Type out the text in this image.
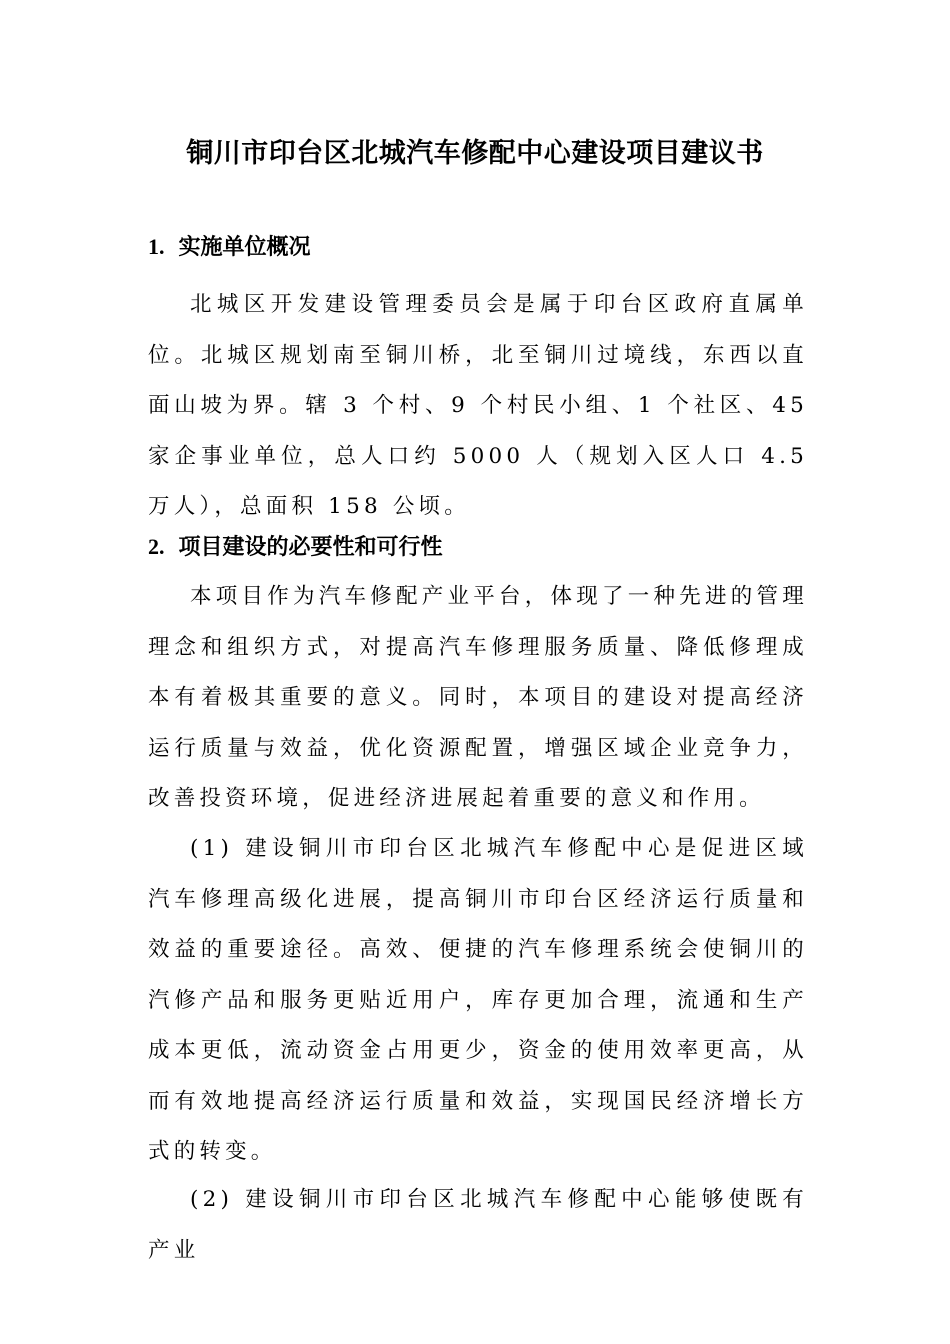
铜川市印台区北城汽车修配中心建设项目建议书

1. 实施单位概况

北城区开发建设管理委员会是属于印台区政府直属单位。北城区规划南至铜川桥，北至铜川过境线，东西以直面山坡为界。辖 3 个村、9 个村民小组、1 个社区、45 家企事业单位，总人口约 5000 人（规划入区人口 4.5 万人），总面积 158 公顷。

2. 项目建设的必要性和可行性

本项目作为汽车修配产业平台，体现了一种先进的管理理念和组织方式，对提高汽车修理服务质量、降低修理成本有着极其重要的意义。同时，本项目的建设对提高经济运行质量与效益，优化资源配置，增强区域企业竞争力，改善投资环境，促进经济进展起着重要的意义和作用。

(1) 建设铜川市印台区北城汽车修配中心是促进区域汽车修理高级化进展，提高铜川市印台区经济运行质量和效益的重要途径。高效、便捷的汽车修理系统会使铜川的汽修产品和服务更贴近用户，库存更加合理，流通和生产成本更低，流动资金占用更少，资金的使用效率更高，从而有效地提高经济运行质量和效益，实现国民经济增长方式的转变。

(2) 建设铜川市印台区北城汽车修配中心能够使既有产业
